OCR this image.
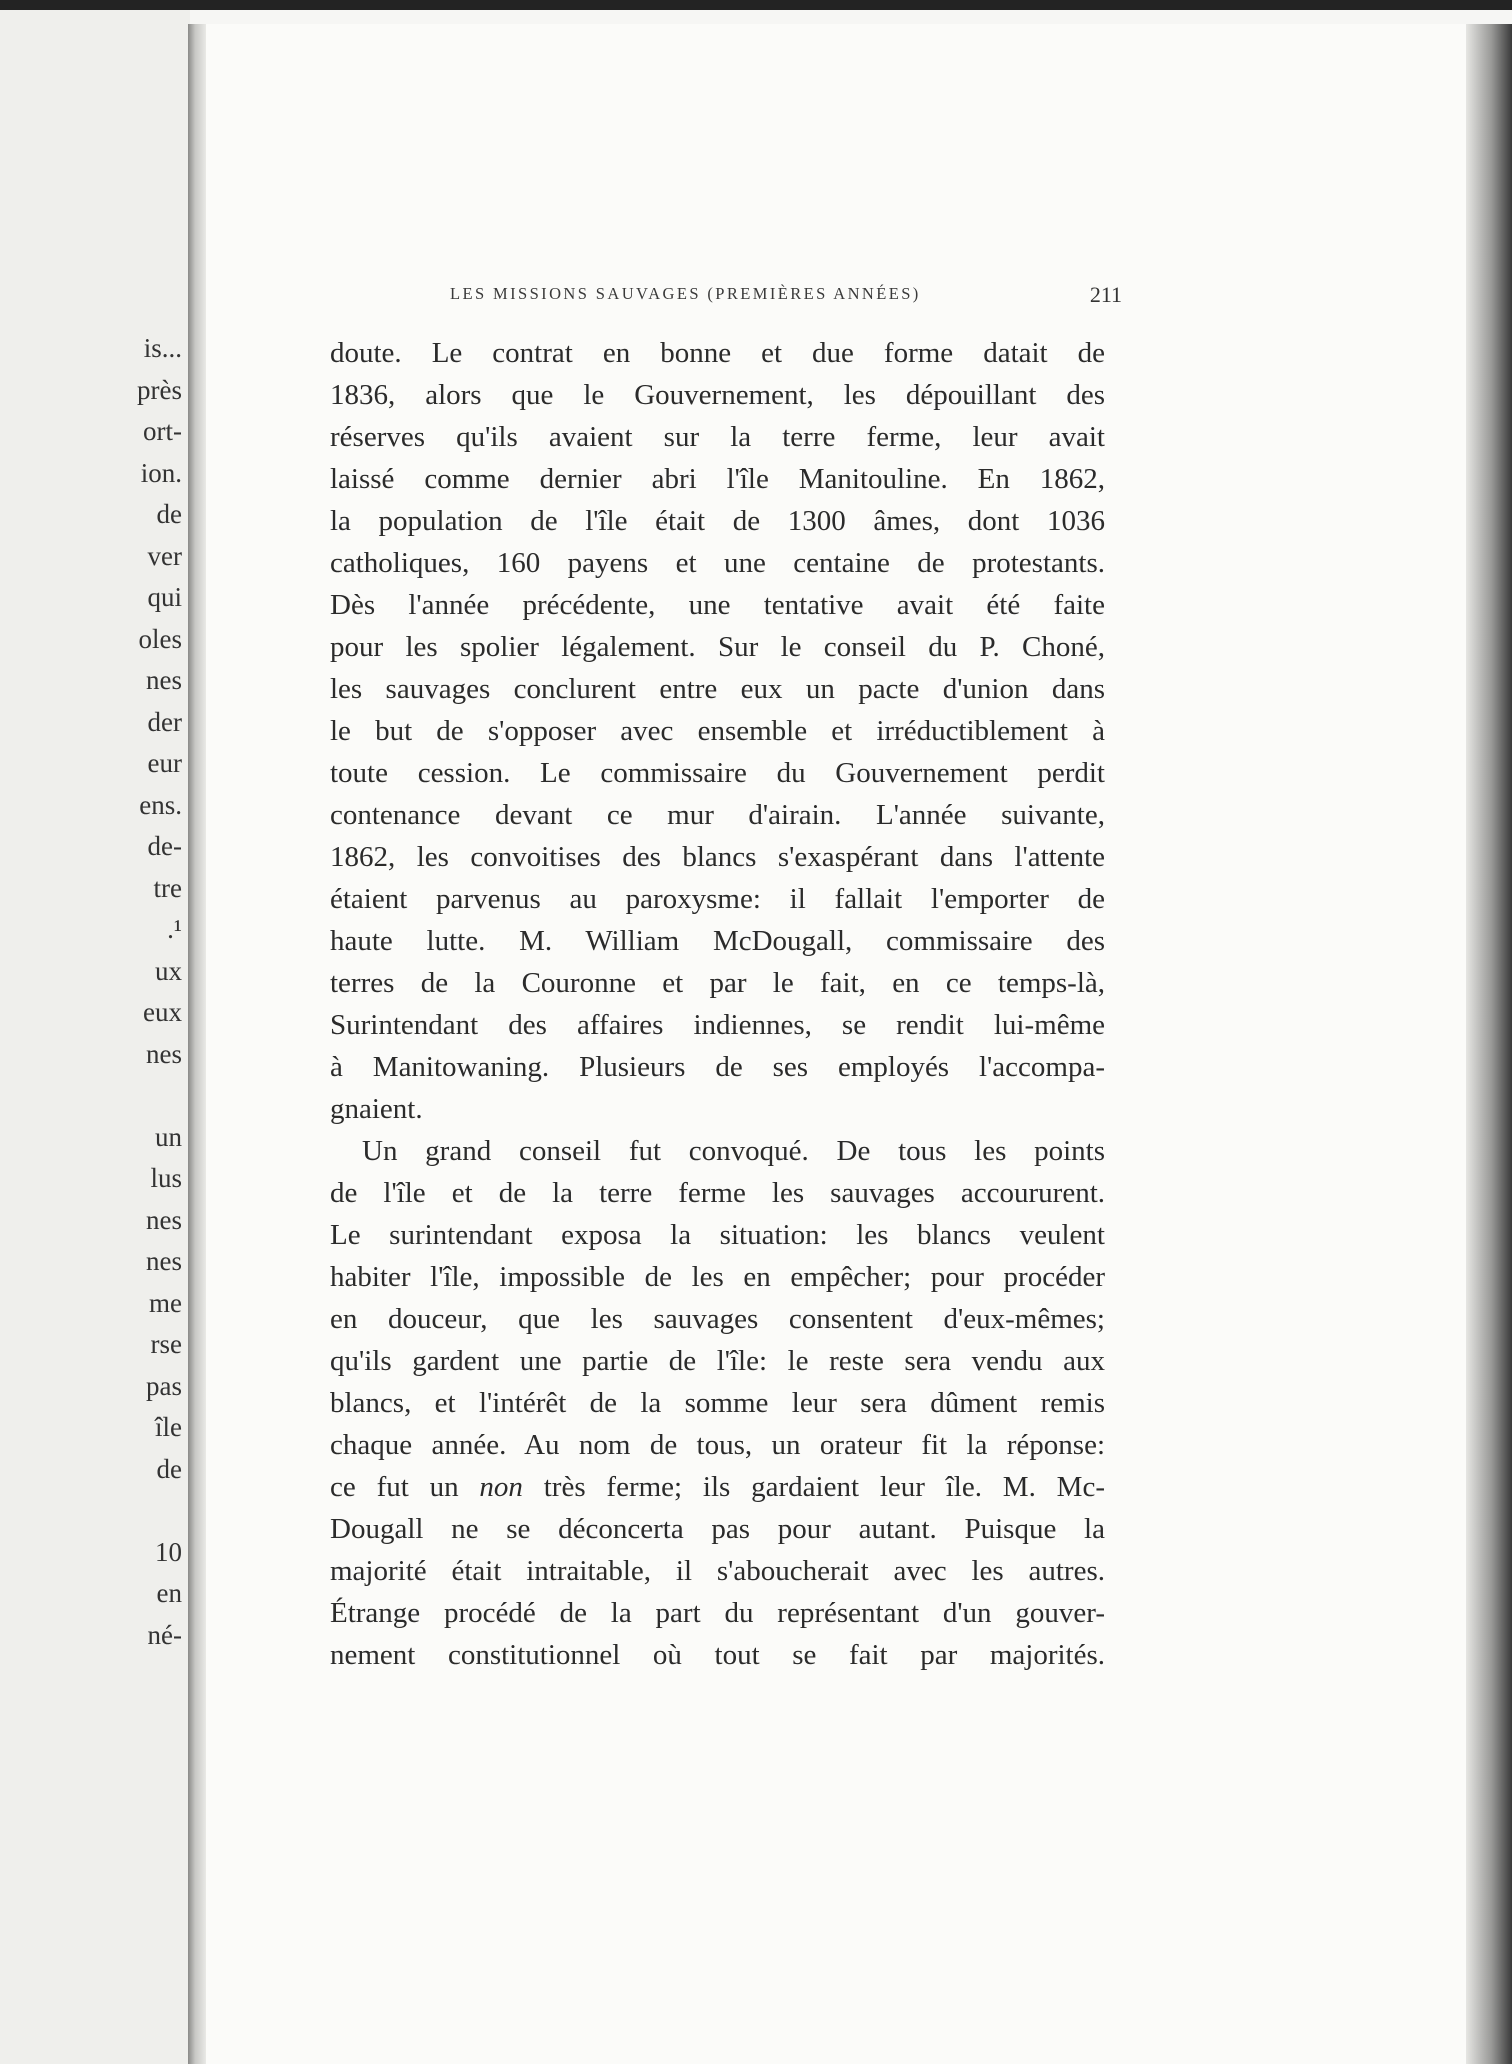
is...
près
ort-
ion.
de
ver
qui
oles
nes
der
eur
ens.
de-
tre
.¹
ux
eux
nes
un
lus
nes
nes
me
rse
pas
île
de
10
en
né-
LES MISSIONS SAUVAGES (PREMIÈRES ANNÉES)	211
doute. Le contrat en bonne et due forme datait de
1836, alors que le Gouvernement, les dépouillant des
réserves qu'ils avaient sur la terre ferme, leur avait
laissé comme dernier abri l'île Manitouline. En 1862,
la population de l'île était de 1300 âmes, dont 1036
catholiques, 160 payens et une centaine de protestants.
Dès l'année précédente, une tentative avait été faite
pour les spolier légalement. Sur le conseil du P. Choné,
les sauvages conclurent entre eux un pacte d'union dans
le but de s'opposer avec ensemble et irréductiblement à
toute cession. Le commissaire du Gouvernement perdit
contenance devant ce mur d'airain. L'année suivante,
1862, les convoitises des blancs s'exaspérant dans l'attente
étaient parvenus au paroxysme: il fallait l'emporter de
haute lutte. M. William McDougall, commissaire des
terres de la Couronne et par le fait, en ce temps-là,
Surintendant des affaires indiennes, se rendit lui-même
à Manitowaning. Plusieurs de ses employés l'accompa-
gnaient.
Un grand conseil fut convoqué. De tous les points
de l'île et de la terre ferme les sauvages accoururent.
Le surintendant exposa la situation: les blancs veulent
habiter l'île, impossible de les en empêcher; pour procéder
en douceur, que les sauvages consentent d'eux-mêmes;
qu'ils gardent une partie de l'île: le reste sera vendu aux
blancs, et l'intérêt de la somme leur sera dûment remis
chaque année. Au nom de tous, un orateur fit la réponse:
ce fut un non très ferme; ils gardaient leur île. M. Mc-
Dougall ne se déconcerta pas pour autant. Puisque la
majorité était intraitable, il s'aboucherait avec les autres.
Étrange procédé de la part du représentant d'un gouver-
nement constitutionnel où tout se fait par majorités.
